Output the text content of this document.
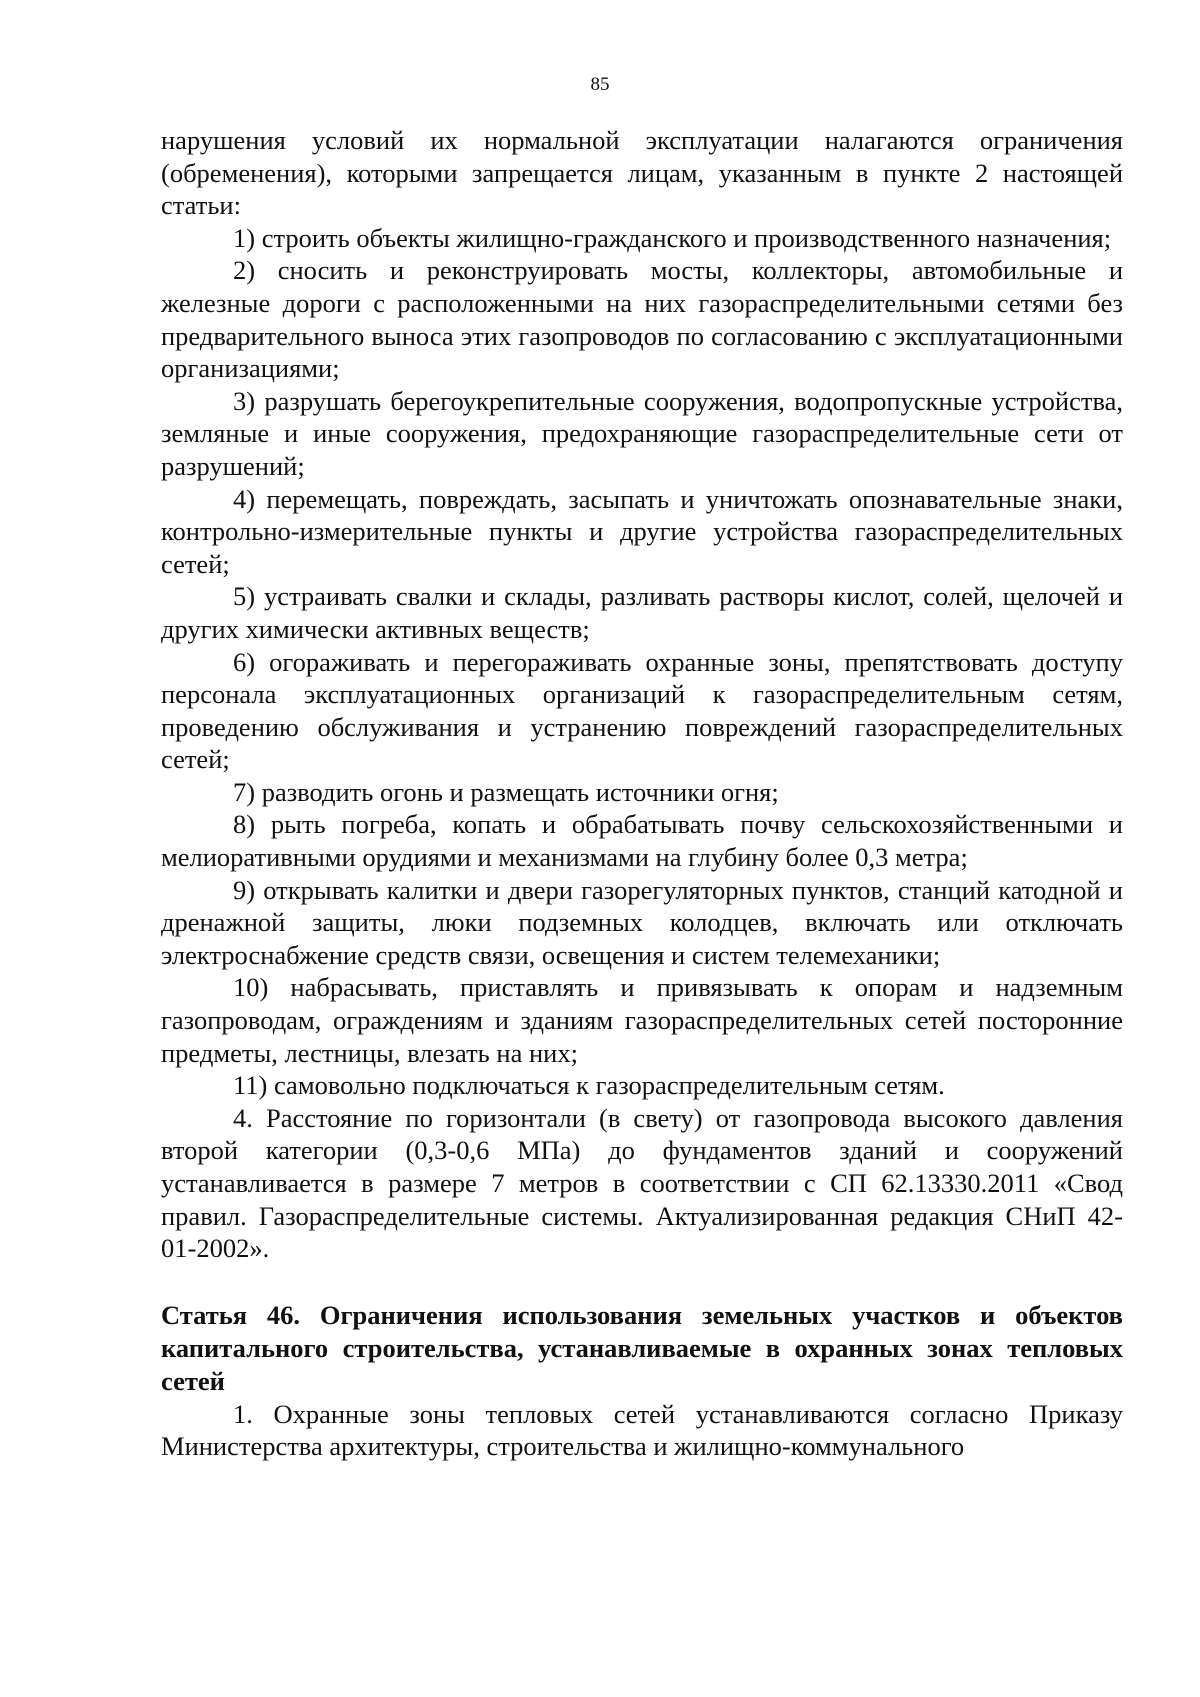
85

нарушения условий их нормальной эксплуатации налагаются ограничения (обременения), которыми запрещается лицам, указанным в пункте 2 настоящей статьи:

1) строить объекты жилищно-гражданского и производственного назначения;

2) сносить и реконструировать мосты, коллекторы, автомобильные и железные дороги с расположенными на них газораспределительными сетями без предварительного выноса этих газопроводов по согласованию с эксплуатационными организациями;

3) разрушать берегоукрепительные сооружения, водопропускные устройства, земляные и иные сооружения, предохраняющие газораспределительные сети от разрушений;

4) перемещать, повреждать, засыпать и уничтожать опознавательные знаки, контрольно-измерительные пункты и другие устройства газораспределительных сетей;

5) устраивать свалки и склады, разливать растворы кислот, солей, щелочей и других химически активных веществ;

6) огораживать и перегораживать охранные зоны, препятствовать доступу персонала эксплуатационных организаций к газораспределительным сетям, проведению обслуживания и устранению повреждений газораспределительных сетей;

7) разводить огонь и размещать источники огня;

8) рыть погреба, копать и обрабатывать почву сельскохозяйственными и мелиоративными орудиями и механизмами на глубину более 0,3 метра;

9) открывать калитки и двери газорегуляторных пунктов, станций катодной и дренажной защиты, люки подземных колодцев, включать или отключать электроснабжение средств связи, освещения и систем телемеханики;

10) набрасывать, приставлять и привязывать к опорам и надземным газопроводам, ограждениям и зданиям газораспределительных сетей посторонние предметы, лестницы, влезать на них;

11) самовольно подключаться к газораспределительным сетям.

4. Расстояние по горизонтали (в свету) от газопровода высокого давления второй категории (0,3-0,6 МПа) до фундаментов зданий и сооружений устанавливается в размере 7 метров в соответствии с СП 62.13330.2011 «Свод правил. Газораспределительные системы. Актуализированная редакция СНиП 42-01-2002».

Статья 46. Ограничения использования земельных участков и объектов капитального строительства, устанавливаемые в охранных зонах тепловых сетей

1. Охранные зоны тепловых сетей устанавливаются согласно Приказу Министерства архитектуры, строительства и жилищно-коммунального
